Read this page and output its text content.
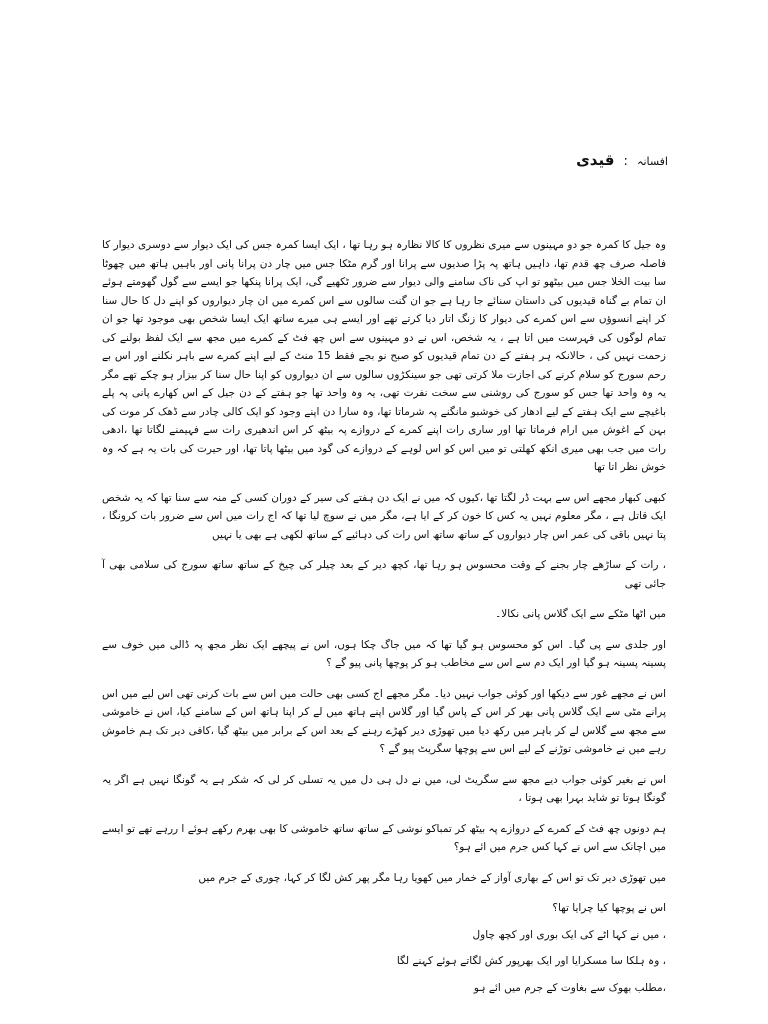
افسانہ : قیدی

وہ جیل کا کمرہ جو دو مہینوں سے میری نظروں کا کالا نظارہ ہو رہا تھا ، ایک ایسا کمرہ جس کی ایک دیوار سے دوسری دیوار کا فاصلہ صرف چھ قدم تھا، داہیں ہاتھ پہ پڑا صدیوں سے پرانا اور گرم مٹکا جس میں چار دن پرانا پانی اور باہیں ہاتھ میں چھوٹا سا بیت الخلا جس میں بیٹھو تو اپ کی ناک سامنے والی دیوار سے ضرور ٹکھیے گی، ایک پرانا پنکھا جو ایسے سے گول گھومتے ہوئے ان تمام بے گناہ قیدیوں کی داستان سنائے جا رہا ہے جو ان گنت سالوں سے اس کمرے میں ان چار دیواروں کو اپنے دل کا حال سنا کر اپنے انسوؤں سے اس کمرے کی دیوار کا زنگ اتار دیا کرتے تھے اور ایسے ہی میرے ساتھ ایک ایسا شخص بھی موجود تھا جو ان تمام لوگوں کی فہرست میں اتا ہے ، یہ شخص، اس نے دو مہینوں سے اس چھ فٹ کے کمرے میں مجھ سے ایک لفظ بولنے کی زحمت نہیں کی ، حالانکہ ہر ہفتے کے دن تمام قیدیوں کو صبح نو بجے فقط 15 منٹ کے لیے اپنے کمرے سے باہر نکلنے اور اس بے رحم سورج کو سلام کرنے کی اجازت ملا کرتی تھی جو سینکڑوں سالوں سے ان دیواروں کو اپنا حال سنا کر بیزار ہو چکے تھے مگر یہ وہ واحد تھا جس کو سورج کی روشنی سے سخت نفرت تھی، یہ وہ واحد تھا جو ہفتے کے دن جیل کے اس کھارے پانی پہ پلے باغیچے سے ایک ہفتے کے لیے ادھار کی خوشبو مانگنے پہ شرماتا تھا، وہ سارا دن اپنے وجود کو ایک کالی چادر سے ڈھک کر موت کی بہن کے اغوش میں ارام فرماتا تھا اور ساری رات اپنے کمرے کے دروازے پہ بیٹھ کر اس اندھیری رات سے فہیمنے لگاتا تھا ،ادھی رات میں جب بھی میری انکھ کھلتی تو میں اس کو اس لوہے کے دروازے کی گود میں بیٹھا پاتا تھا، اور حیرت کی بات یہ ہے کہ وہ خوش نظر اتا تھا

کبھی کبھار مجھے اس سے بہت ڈر لگتا تھا ،کیوں کہ میں نے ایک دن ہفتے کی سیر کے دوران کسی کے منہ سے سنا تھا کہ یہ شخص ایک قاتل ہے ، مگر معلوم نہیں یہ کس کا خون کر کے ایا ہے، مگر میں نے سوچ لیا تھا کہ اج رات میں اس سے ضرور بات کرونگا ، پتا نہیں باقی کی عمر اس چار دیواروں کے ساتھ ساتھ اس رات کی دہائیے کے ساتھ لکھی ہے بھی یا نہیں

، رات کے ساڑھے چار بجنے کے وقت محسوس ہو رہا تھا، کچھ دیر کے بعد چیلر کی چیخ کے ساتھ ساتھ سورج کی سلامی بھی آ جائی تھی

میں اٹھا مٹکے سے ایک گلاس پانی نکالا۔

اور جلدی سے پی گیا۔ اس کو محسوس ہو گیا تھا کہ میں جاگ چکا ہوں، اس نے پیچھے ایک نظر مجھ پہ ڈالی میں خوف سے پسینہ پسینہ ہو گیا اور ایک دم سے اس سے مخاطب ہو کر پوچھا پانی پیو گے ؟

اس نے مجھے غور سے دیکھا اور کوئی جواب نہیں دیا۔ مگر مجھے اج کسی بھی حالت میں اس سے بات کرنی تھی اس لیے میں اس پرانے مٹی سے ایک گلاس پانی بھر کر اس کے پاس گیا اور گلاس اپنے ہاتھ میں لے کر اپنا ہاتھ اس کے سامنے کیا، اس نے خاموشی سے مجھ سے گلاس لے کر باہر میں رکھ دیا میں تھوڑی دیر کھڑے رہنے کے بعد اس کے برابر میں بیٹھ گیا ،کافی دیر تک ہم خاموش رہے میں نے خاموشی توڑنے کے لیے اس سے پوچھا سگریٹ پیو گے ؟

اس نے بغیر کوئی جواب دیے مجھ سے سگریٹ لی، میں نے دل ہی دل میں یہ تسلی کر لی کہ شکر ہے یہ گونگا نہیں ہے اگر یہ گونگا ہوتا تو شاید بہرا بھی ہوتا ،

ہم دونوں چھ فٹ کے کمرے کے دروازے پہ بیٹھ کر تمباکو نوشی کے ساتھ ساتھ خاموشی کا بھی بھرم رکھے ہوئے ا ررہے تھے تو ایسے میں اچانک سے اس نے کہا کس جرم میں ائے ہو؟

میں تھوڑی دیر تک تو اس کے بھاری آواز کے خمار میں کھویا رہا مگر پھر کش لگا کر کہا، چوری کے جرم میں

اس نے پوچھا کیا چرایا تھا؟

، میں نے کہا اٹے کی ایک بوری اور کچھ چاول

، وہ ہلکا سا مسکرایا اور ایک بھرپور کش لگاتے ہوئے کہنے لگا

،مطلب بھوک سے بغاوت کے جرم میں ائے ہو
